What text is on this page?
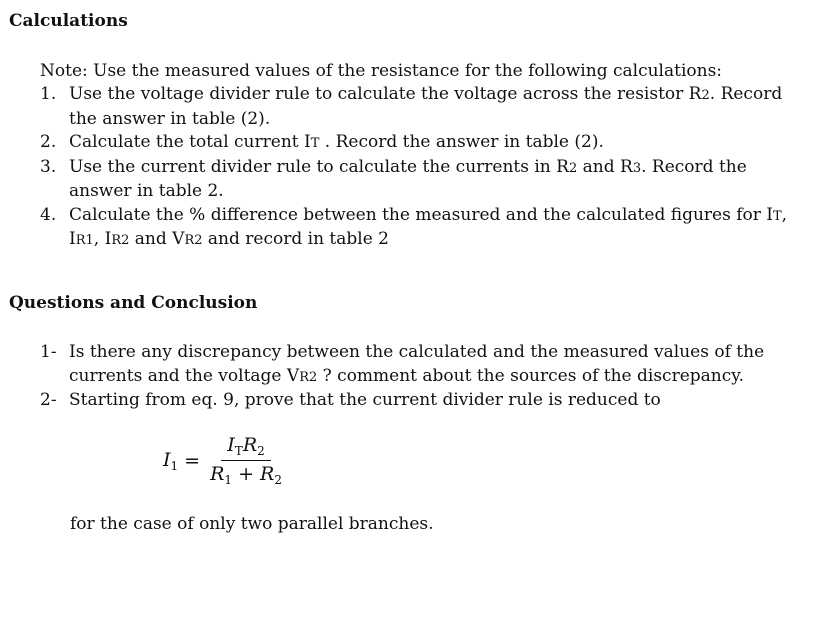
Calculations
Note: Use the measured values of the resistance for the following calculations:
1. Use the voltage divider rule to calculate the voltage across the resistor R2. Record the answer in table (2).
2. Calculate the total current IT . Record the answer in table (2).
3. Use the current divider rule to calculate the currents in R2 and R3. Record the answer in table 2.
4. Calculate the % difference between the measured and the calculated figures for IT, IR1, IR2 and VR2 and record in table 2
Questions and Conclusion
1- Is there any discrepancy between the calculated and the measured values of the currents and the voltage VR2 ? comment about the sources of the discrepancy.
2- Starting from eq. 9, prove that the current divider rule is reduced to
$I_1 = \frac{I_TR_2}{R_1 + R_2}$
for the case of only two parallel branches.
